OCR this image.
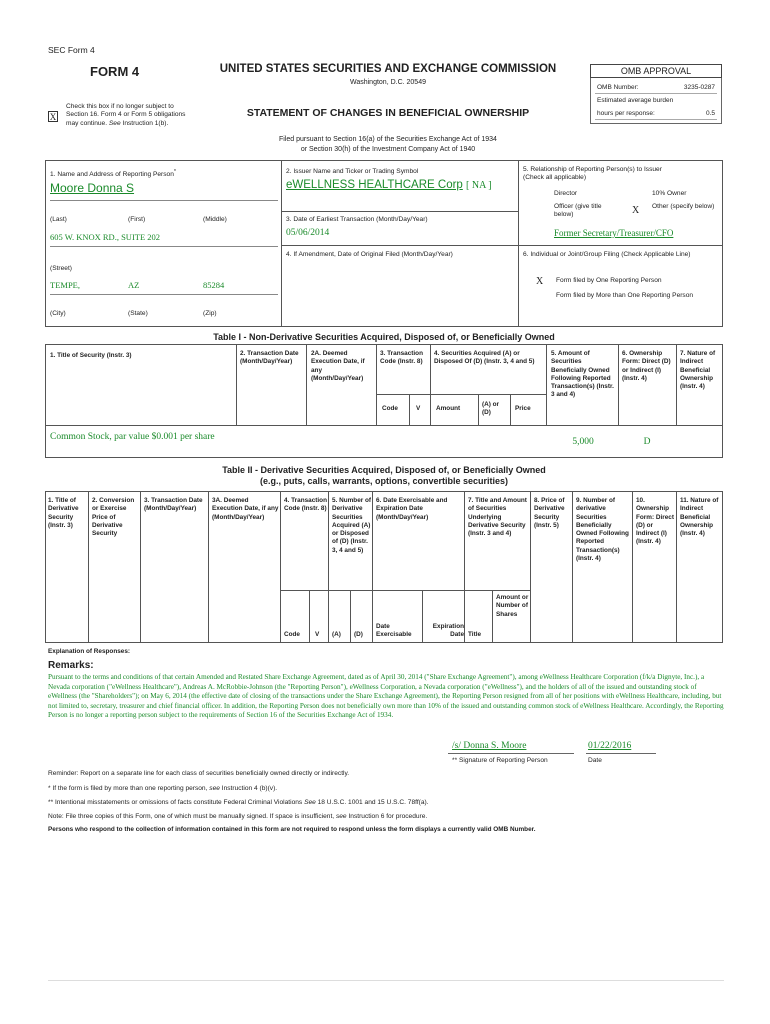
SEC Form 4
FORM 4	UNITED STATES SECURITIES AND EXCHANGE COMMISSION
Washington, D.C. 20549
STATEMENT OF CHANGES IN BENEFICIAL OWNERSHIP
X
Check this box if no longer subject to Section 16. Form 4 or Form 5 obligations may continue. See Instruction 1(b).
OMB APPROVAL
OMB Number:	3235-0287
Estimated average burden
hours per response:	0.5
Filed pursuant to Section 16(a) of the Securities Exchange Act of 1934
or Section 30(h) of the Investment Company Act of 1940
1. Name and Address of Reporting Person*
Moore Donna S
(Last)	(First)	(Middle)
605 W. KNOX RD., SUITE 202
(Street)
TEMPE,	AZ	85284
(City)	(State)	(Zip)
2. Issuer Name and Ticker or Trading Symbol
eWELLNESS HEALTHCARE Corp [ NA ]
3. Date of Earliest Transaction (Month/Day/Year)
05/06/2014
4. If Amendment, Date of Original Filed (Month/Day/Year)
5. Relationship of Reporting Person(s) to Issuer
(Check all applicable)
Director	10% Owner
Officer (give title below)	X Other (specify below)
Former Secretary/Treasurer/CFO
6. Individual or Joint/Group Filing (Check Applicable Line)
X Form filed by One Reporting Person
Form filed by More than One Reporting Person
Table I - Non-Derivative Securities Acquired, Disposed of, or Beneficially Owned
1. Title of Security (Instr. 3)	2. Transaction Date (Month/Day/Year)
2A. Deemed Execution Date, if any (Month/Day/Year)
3. Transaction Code (Instr. 8)
4. Securities Acquired (A) or Disposed Of (D) (Instr. 3, 4 and 5)
5. Amount of Securities Beneficially Owned Following Reported Transaction(s) (Instr. 3 and 4)
6. Ownership Form: Direct (D) or Indirect (I) (Instr. 4)
7. Nature of Indirect Beneficial Ownership (Instr. 4)
Code	V Amount
(A) or (D)
Price
Common Stock, par value $0.001 per share	5,000	D
Table II - Derivative Securities Acquired, Disposed of, or Beneficially Owned
(e.g., puts, calls, warrants, options, convertible securities)
1. Title of Derivative Security (Instr. 3)
2. Conversion or Exercise Price of Derivative Security
3. Transaction Date (Month/Day/Year)
3A. Deemed Execution Date, if any (Month/Day/Year)
4. Transaction Code (Instr. 8)
5. Number of Derivative Securities Acquired (A) or Disposed of (D) (Instr. 3, 4 and 5)
6. Date Exercisable and Expiration Date (Month/Day/Year)
7. Title and Amount of Securities Underlying Derivative Security (Instr. 3 and 4)
8. Price of Derivative Security (Instr. 5)
9. Number of derivative Securities Beneficially Owned Following Reported Transaction(s) (Instr. 4)
10. Ownership Form: Direct (D) or Indirect (I) (Instr. 4)
11. Nature of Indirect Beneficial Ownership (Instr. 4)
Code V (A) (D)
Date Exercisable
Expiration Date Title
Amount or Number of Shares
Explanation of Responses:
Remarks:
Pursuant to the terms and conditions of that certain Amended and Restated Share Exchange Agreement, dated as of April 30, 2014 ("Share Exchange Agreement"), among eWellness Healthcare Corporation (f/k/a Dignyte, Inc.), a Nevada corporation ("eWellness Healthcare"), Andreas A. McRobbie-Johnson (the "Reporting Person"), eWellness Corporation, a Nevada corporation ("eWellness"), and the holders of all of the issued and outstanding stock of eWellness (the "Shareholders"); on May 6, 2014 (the effective date of closing of the transactions under the Share Exchange Agreement), the Reporting Person resigned from all of her positions with eWellness Healthcare, including, but not limited to, secretary, treasurer and chief financial officer. In addition, the Reporting Person does not beneficially own more than 10% of the issued and outstanding common stock of eWellness Healthcare. Accordingly, the Reporting Person is no longer a reporting person subject to the requirements of Section 16 of the Securities Exchange Act of 1934.
/s/ Donna S. Moore	01/22/2016
** Signature of Reporting Person	Date
Reminder: Report on a separate line for each class of securities beneficially owned directly or indirectly.
* If the form is filed by more than one reporting person, see Instruction 4 (b)(v).
** Intentional misstatements or omissions of facts constitute Federal Criminal Violations See 18 U.S.C. 1001 and 15 U.S.C. 78ff(a).
Note: File three copies of this Form, one of which must be manually signed. If space is insufficient, see Instruction 6 for procedure.
Persons who respond to the collection of information contained in this form are not required to respond unless the form displays a currently valid OMB Number.
